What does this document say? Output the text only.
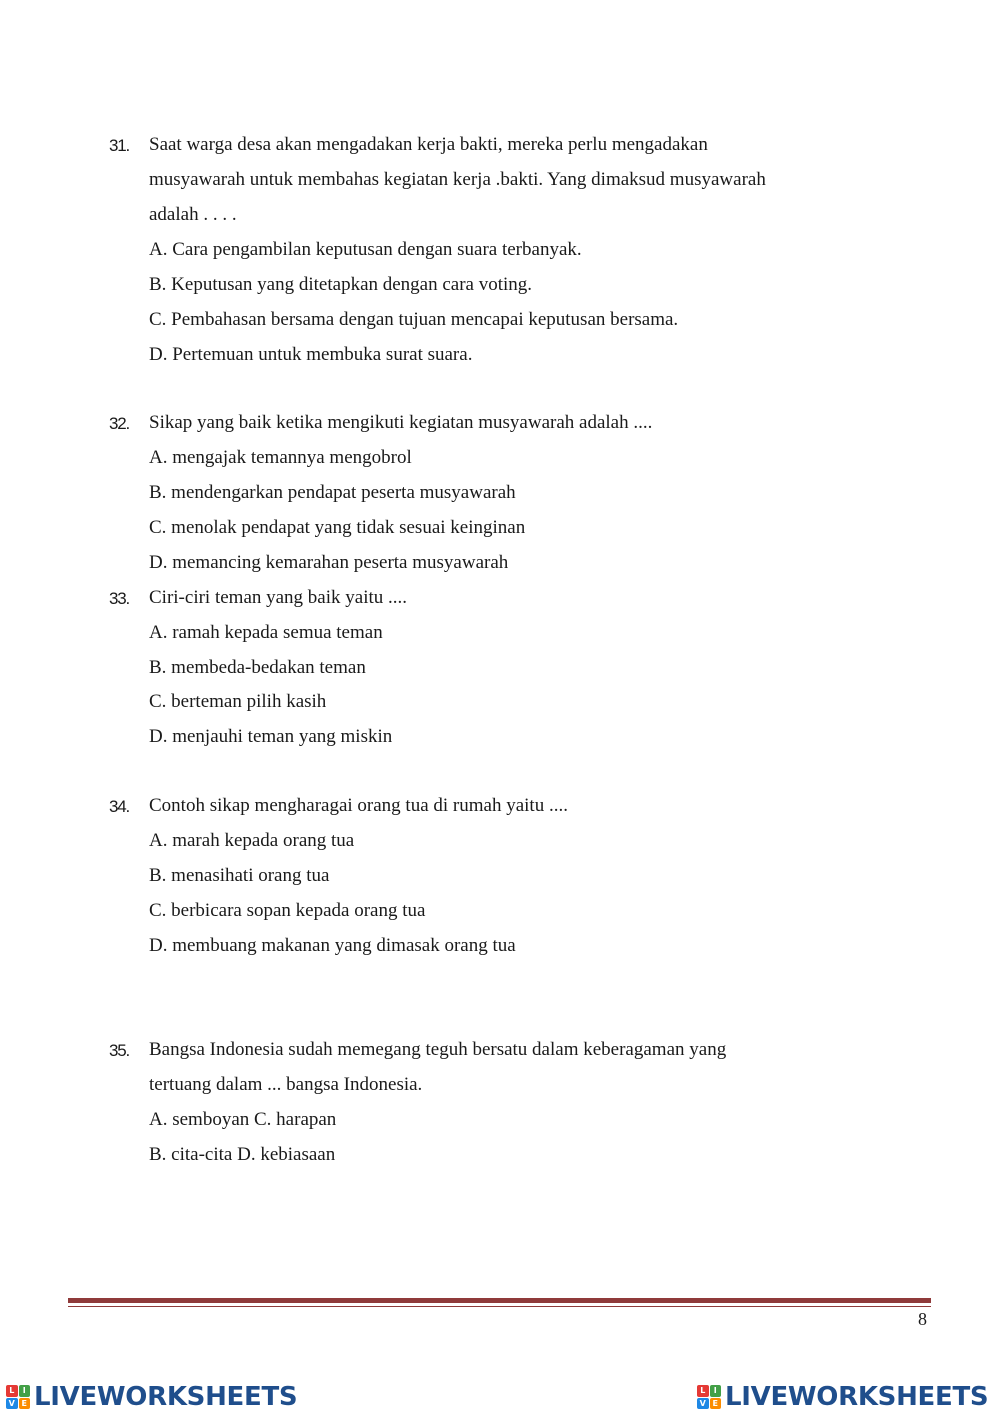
31. Saat warga desa akan mengadakan kerja bakti, mereka perlu mengadakan
musyawarah untuk membahas kegiatan kerja .bakti. Yang dimaksud musyawarah
adalah . . . .
A. Cara pengambilan keputusan dengan suara terbanyak.
B. Keputusan yang ditetapkan dengan cara voting.
C. Pembahasan bersama dengan tujuan mencapai keputusan bersama.
D. Pertemuan untuk membuka surat suara.
32. Sikap yang baik ketika mengikuti kegiatan musyawarah adalah ....
A. mengajak temannya mengobrol
B. mendengarkan pendapat peserta musyawarah
C. menolak pendapat yang tidak sesuai keinginan
D. memancing kemarahan peserta musyawarah
33. Ciri-ciri teman yang baik yaitu ....
A. ramah kepada semua teman
B. membeda-bedakan teman
C. berteman pilih kasih
D. menjauhi teman yang miskin
34. Contoh sikap mengharagai orang tua di rumah yaitu ....
A. marah kepada orang tua
B. menasihati orang tua
C. berbicara sopan kepada orang tua
D. membuang makanan yang dimasak orang tua
35. Bangsa Indonesia sudah memegang teguh bersatu dalam keberagaman yang
tertuang dalam ... bangsa Indonesia.
A. semboyan C. harapan
B. cita-cita D. kebiasaan
8
L	I
V E LIVEWORKSHEETS	L	I
V E LIVEWORKSHEETS
